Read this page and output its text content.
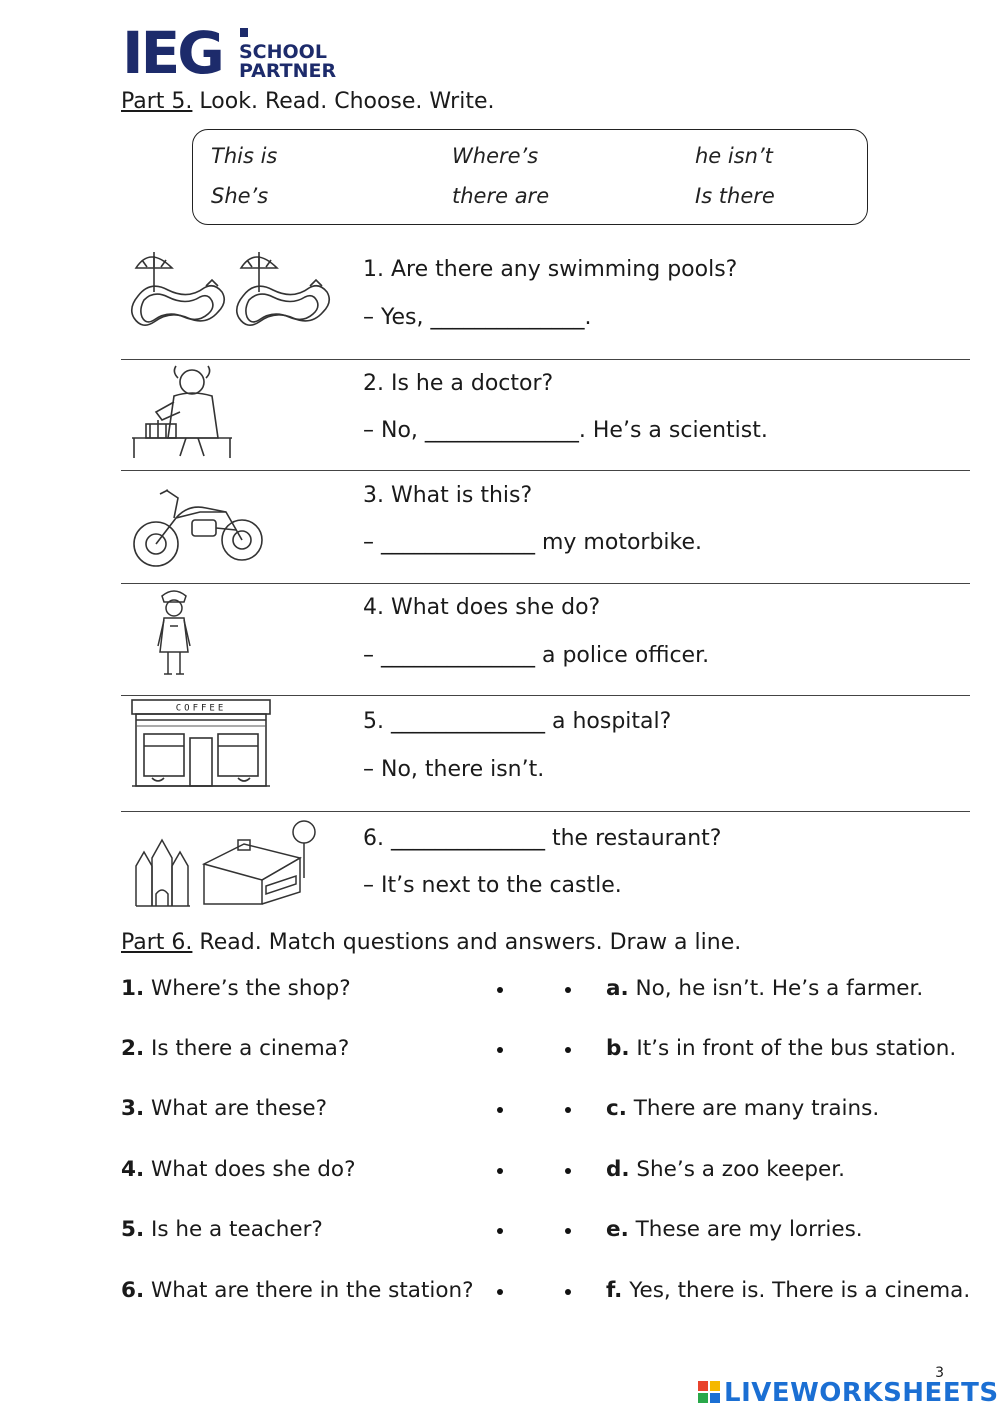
IEG SCHOOL
PARTNER
Part 5. Look. Read. Choose. Write.
This is	Where’s	he isn’t
She’s	there are	Is there
1. Are there any swimming pools?
– Yes, ______________.
2. Is he a doctor?
– No, ______________. He’s a scientist.
3. What is this?
– ______________ my motorbike.
4. What does she do?
– ______________ a police officer.
COFFEE
5. ______________ a hospital?
– No, there isn’t.
6. ______________ the restaurant?
– It’s next to the castle.
Part 6. Read. Match questions and answers. Draw a line.
1. Where’s the shop?	a. No, he isn’t. He’s a farmer.
2. Is there a cinema?	b. It’s in front of the bus station.
3. What are these?	c. There are many trains.
4. What does she do?	d. She’s a zoo keeper.
5. Is he a teacher?	e. These are my lorries.
6. What are there in the station?	f. Yes, there is. There is a cinema.
3
LIVEWORKSHEETS
